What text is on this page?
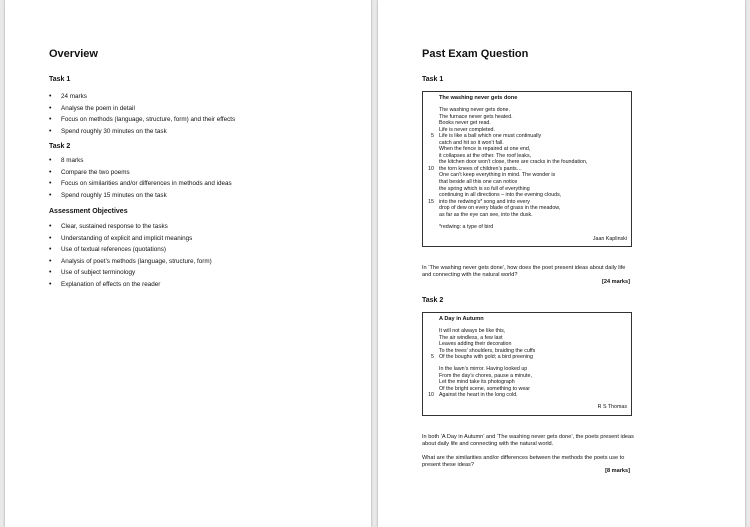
Overview
Task 1
• 24 marks
• Analyse the poem in detail
• Focus on methods (language, structure, form) and their effects
• Spend roughly 30 minutes on the task
Task 2
• 8 marks
• Compare the two poems
• Focus on similarities and/or differences in methods and ideas
• Spend roughly 15 minutes on the task
Assessment Objectives
• Clear, sustained response to the tasks
• Understanding of explicit and implicit meanings
• Use of textual references (quotations)
• Analysis of poet’s methods (language, structure, form)
• Use of subject terminology
• Explanation of effects on the reader
Past Exam Question
Task 1
The washing never gets done
The washing never gets done.
The furnace never gets heated.
Books never get read.
Life is never completed.
5 Life is like a ball which one must continually
catch and hit so it won’t fall.
When the fence is repaired at one end,
it collapses at the other. The roof leaks,
the kitchen door won’t close, there are cracks in the foundation,
10 the torn knees of children’s pants…
One can’t keep everything in mind. The wonder is
that beside all this one can notice
the spring which is so full of everything
continuing in all directions – into the evening clouds,
15 into the redwing’s* song and into every
drop of dew on every blade of grass in the meadow,
as far as the eye can see, into the dusk.
*redwing: a type of bird
Jaan Kaplinski
In ‘The washing never gets done’, how does the poet present ideas about daily life
and connecting with the natural world?
[24 marks]
Task 2
A Day in Autumn
It will not always be like this,
The air windless, a few last
Leaves adding their decoration
To the trees’ shoulders, braiding the cuffs
5 Of the boughs with gold; a bird preening
In the lawn’s mirror. Having looked up
From the day’s chores, pause a minute,
Let the mind take its photograph
Of the bright scene, something to wear
10 Against the heart in the long cold.
R S Thomas
In both ‘A Day in Autumn’ and ‘The washing never gets done’, the poets present ideas
about daily life and connecting with the natural world.
What are the similarities and/or differences between the methods the poets use to
present these ideas?
[8 marks]
